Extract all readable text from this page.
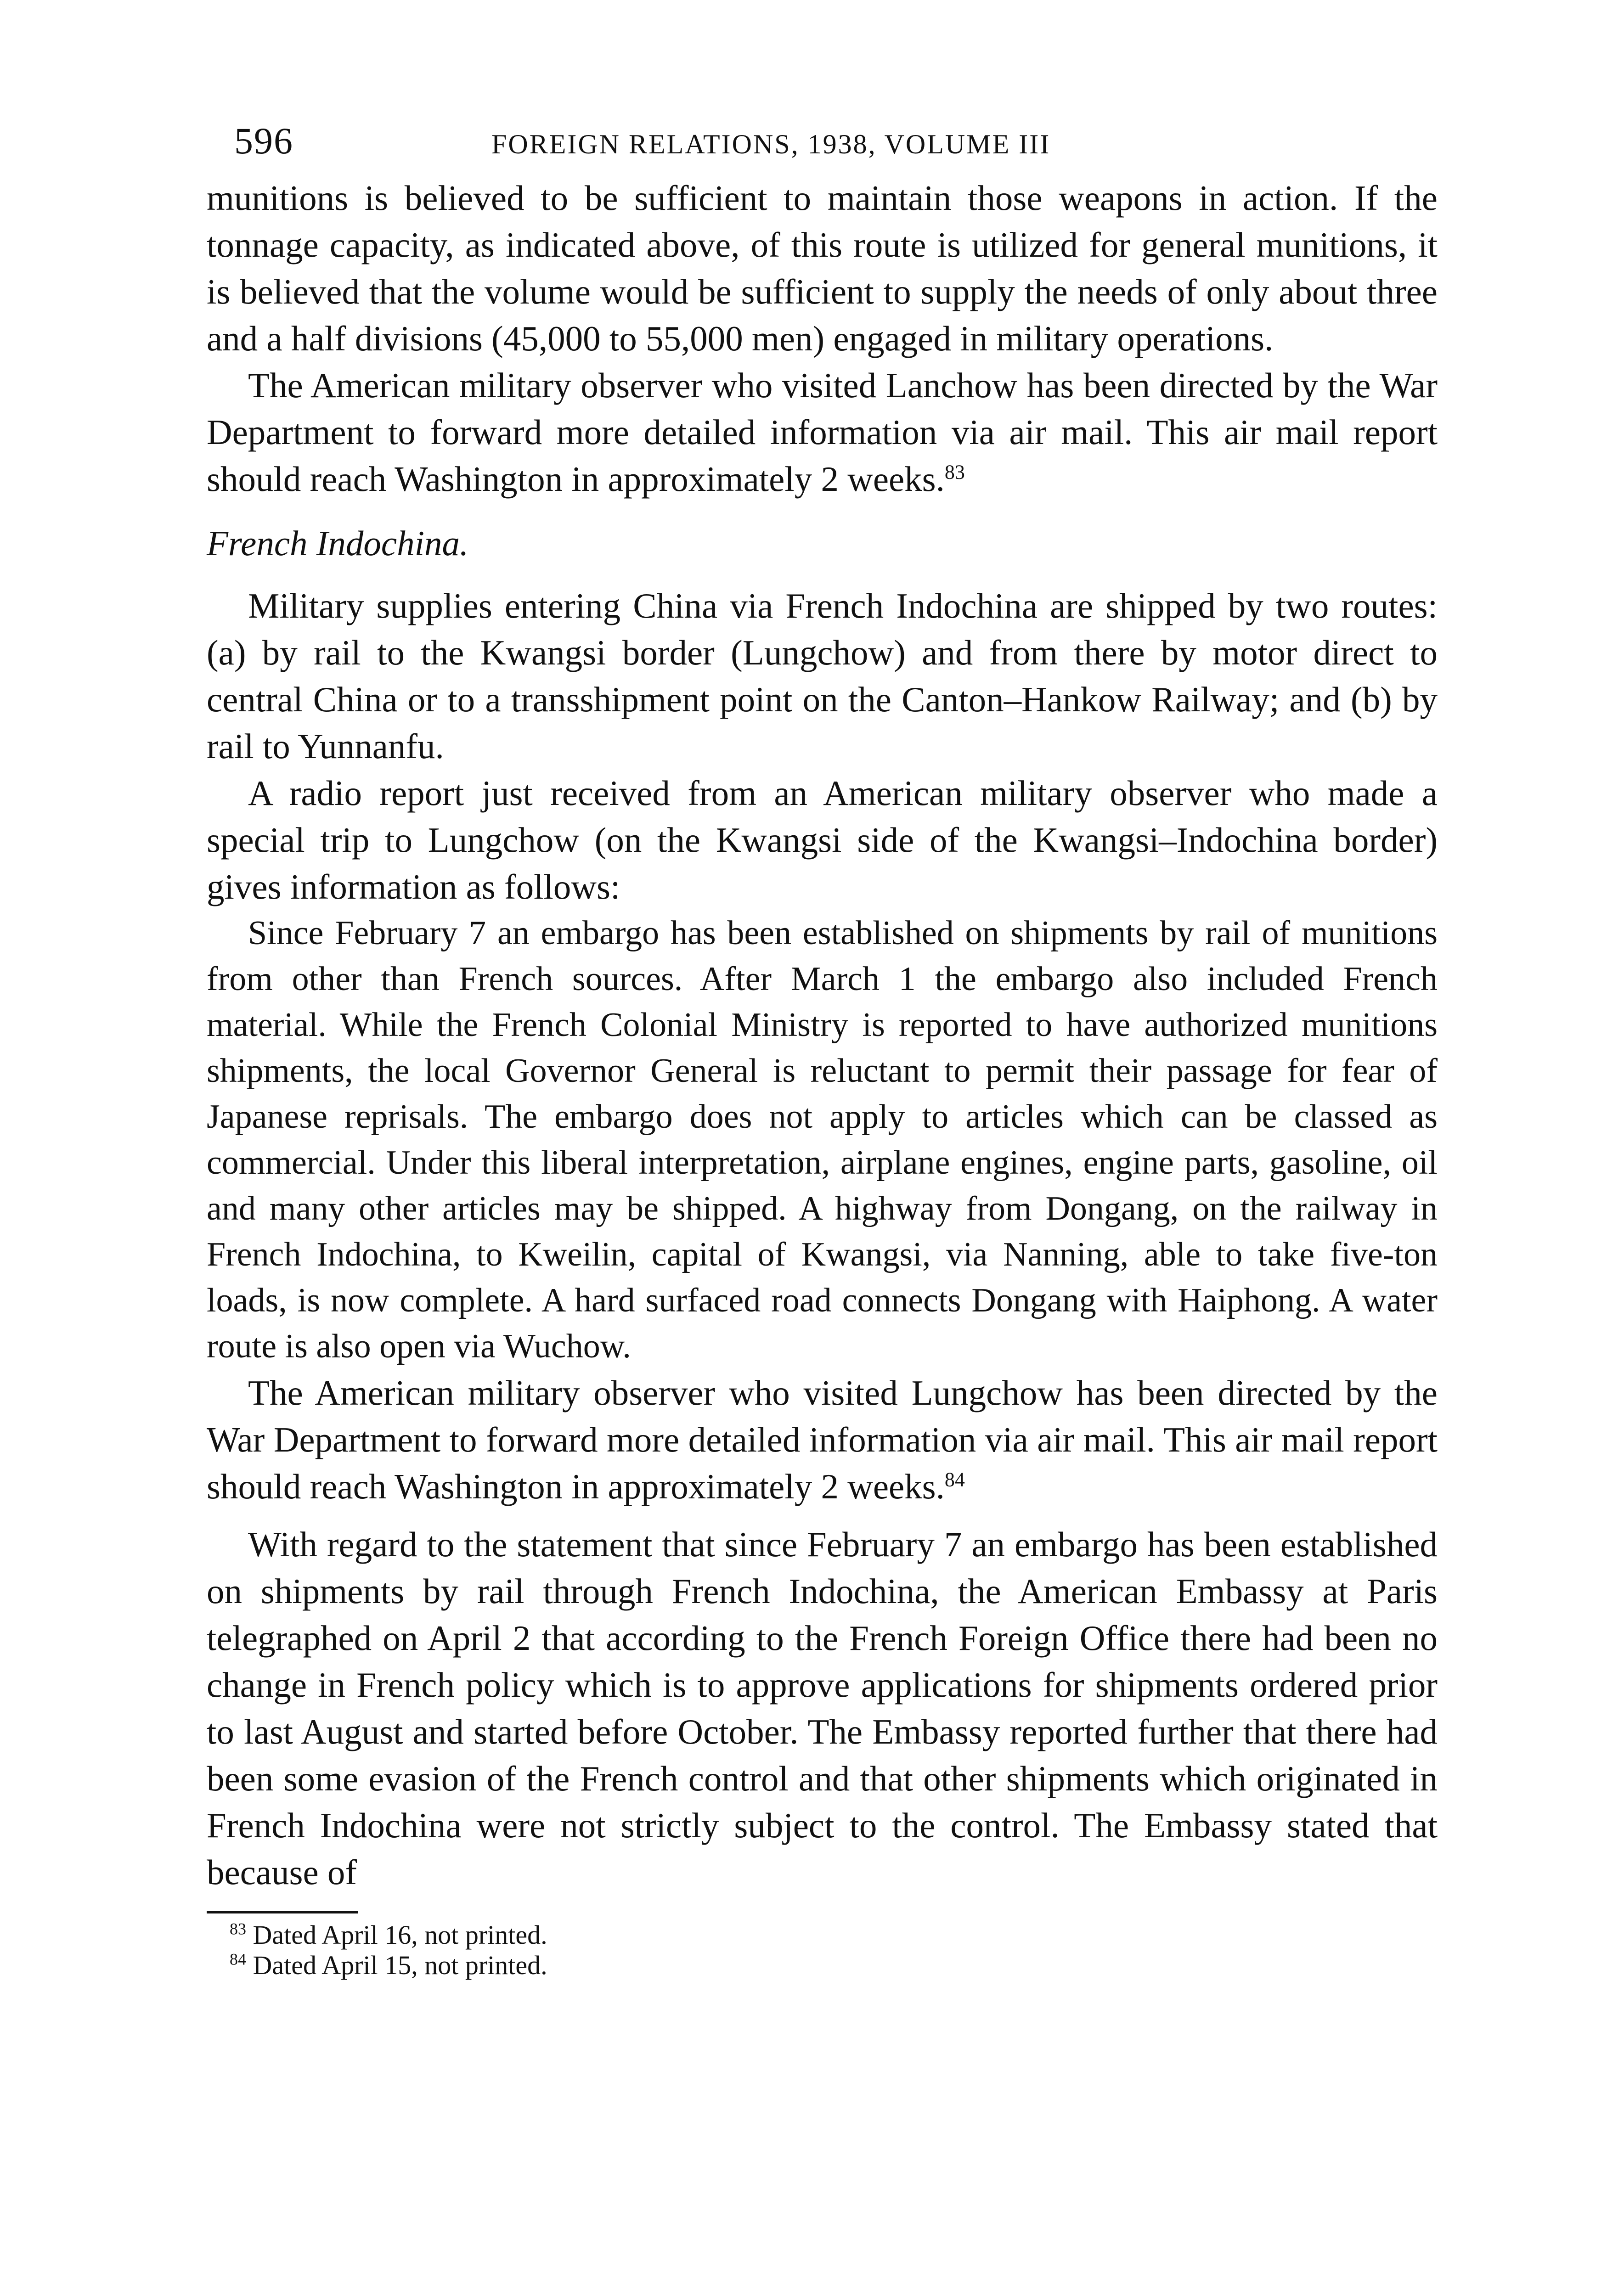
596	FOREIGN RELATIONS, 1938, VOLUME III

munitions is believed to be sufficient to maintain those weapons in action. If the tonnage capacity, as indicated above, of this route is utilized for general munitions, it is believed that the volume would be sufficient to supply the needs of only about three and a half divisions (45,000 to 55,000 men) engaged in military operations.

The American military observer who visited Lanchow has been directed by the War Department to forward more detailed information via air mail. This air mail report should reach Washington in approximately 2 weeks.$^{83}$

French Indochina.

Military supplies entering China via French Indochina are shipped by two routes: (a) by rail to the Kwangsi border (Lungchow) and from there by motor direct to central China or to a transshipment point on the Canton–Hankow Railway; and (b) by rail to Yunnanfu.

A radio report just received from an American military observer who made a special trip to Lungchow (on the Kwangsi side of the Kwangsi–Indochina border) gives information as follows:

Since February 7 an embargo has been established on shipments by rail of munitions from other than French sources. After March 1 the embargo also included French material. While the French Colonial Ministry is reported to have authorized munitions shipments, the local Governor General is reluctant to permit their passage for fear of Japanese reprisals. The embargo does not apply to articles which can be classed as commercial. Under this liberal interpretation, airplane engines, engine parts, gasoline, oil and many other articles may be shipped. A highway from Dongang, on the railway in French Indochina, to Kweilin, capital of Kwangsi, via Nanning, able to take five-ton loads, is now complete. A hard surfaced road connects Dongang with Haiphong. A water route is also open via Wuchow.

The American military observer who visited Lungchow has been directed by the War Department to forward more detailed information via air mail. This air mail report should reach Washington in approximately 2 weeks.$^{84}$

With regard to the statement that since February 7 an embargo has been established on shipments by rail through French Indochina, the American Embassy at Paris telegraphed on April 2 that according to the French Foreign Office there had been no change in French policy which is to approve applications for shipments ordered prior to last August and started before October. The Embassy reported further that there had been some evasion of the French control and that other shipments which originated in French Indochina were not strictly subject to the control. The Embassy stated that because of

$^{83}$ Dated April 16, not printed.
$^{84}$ Dated April 15, not printed.
